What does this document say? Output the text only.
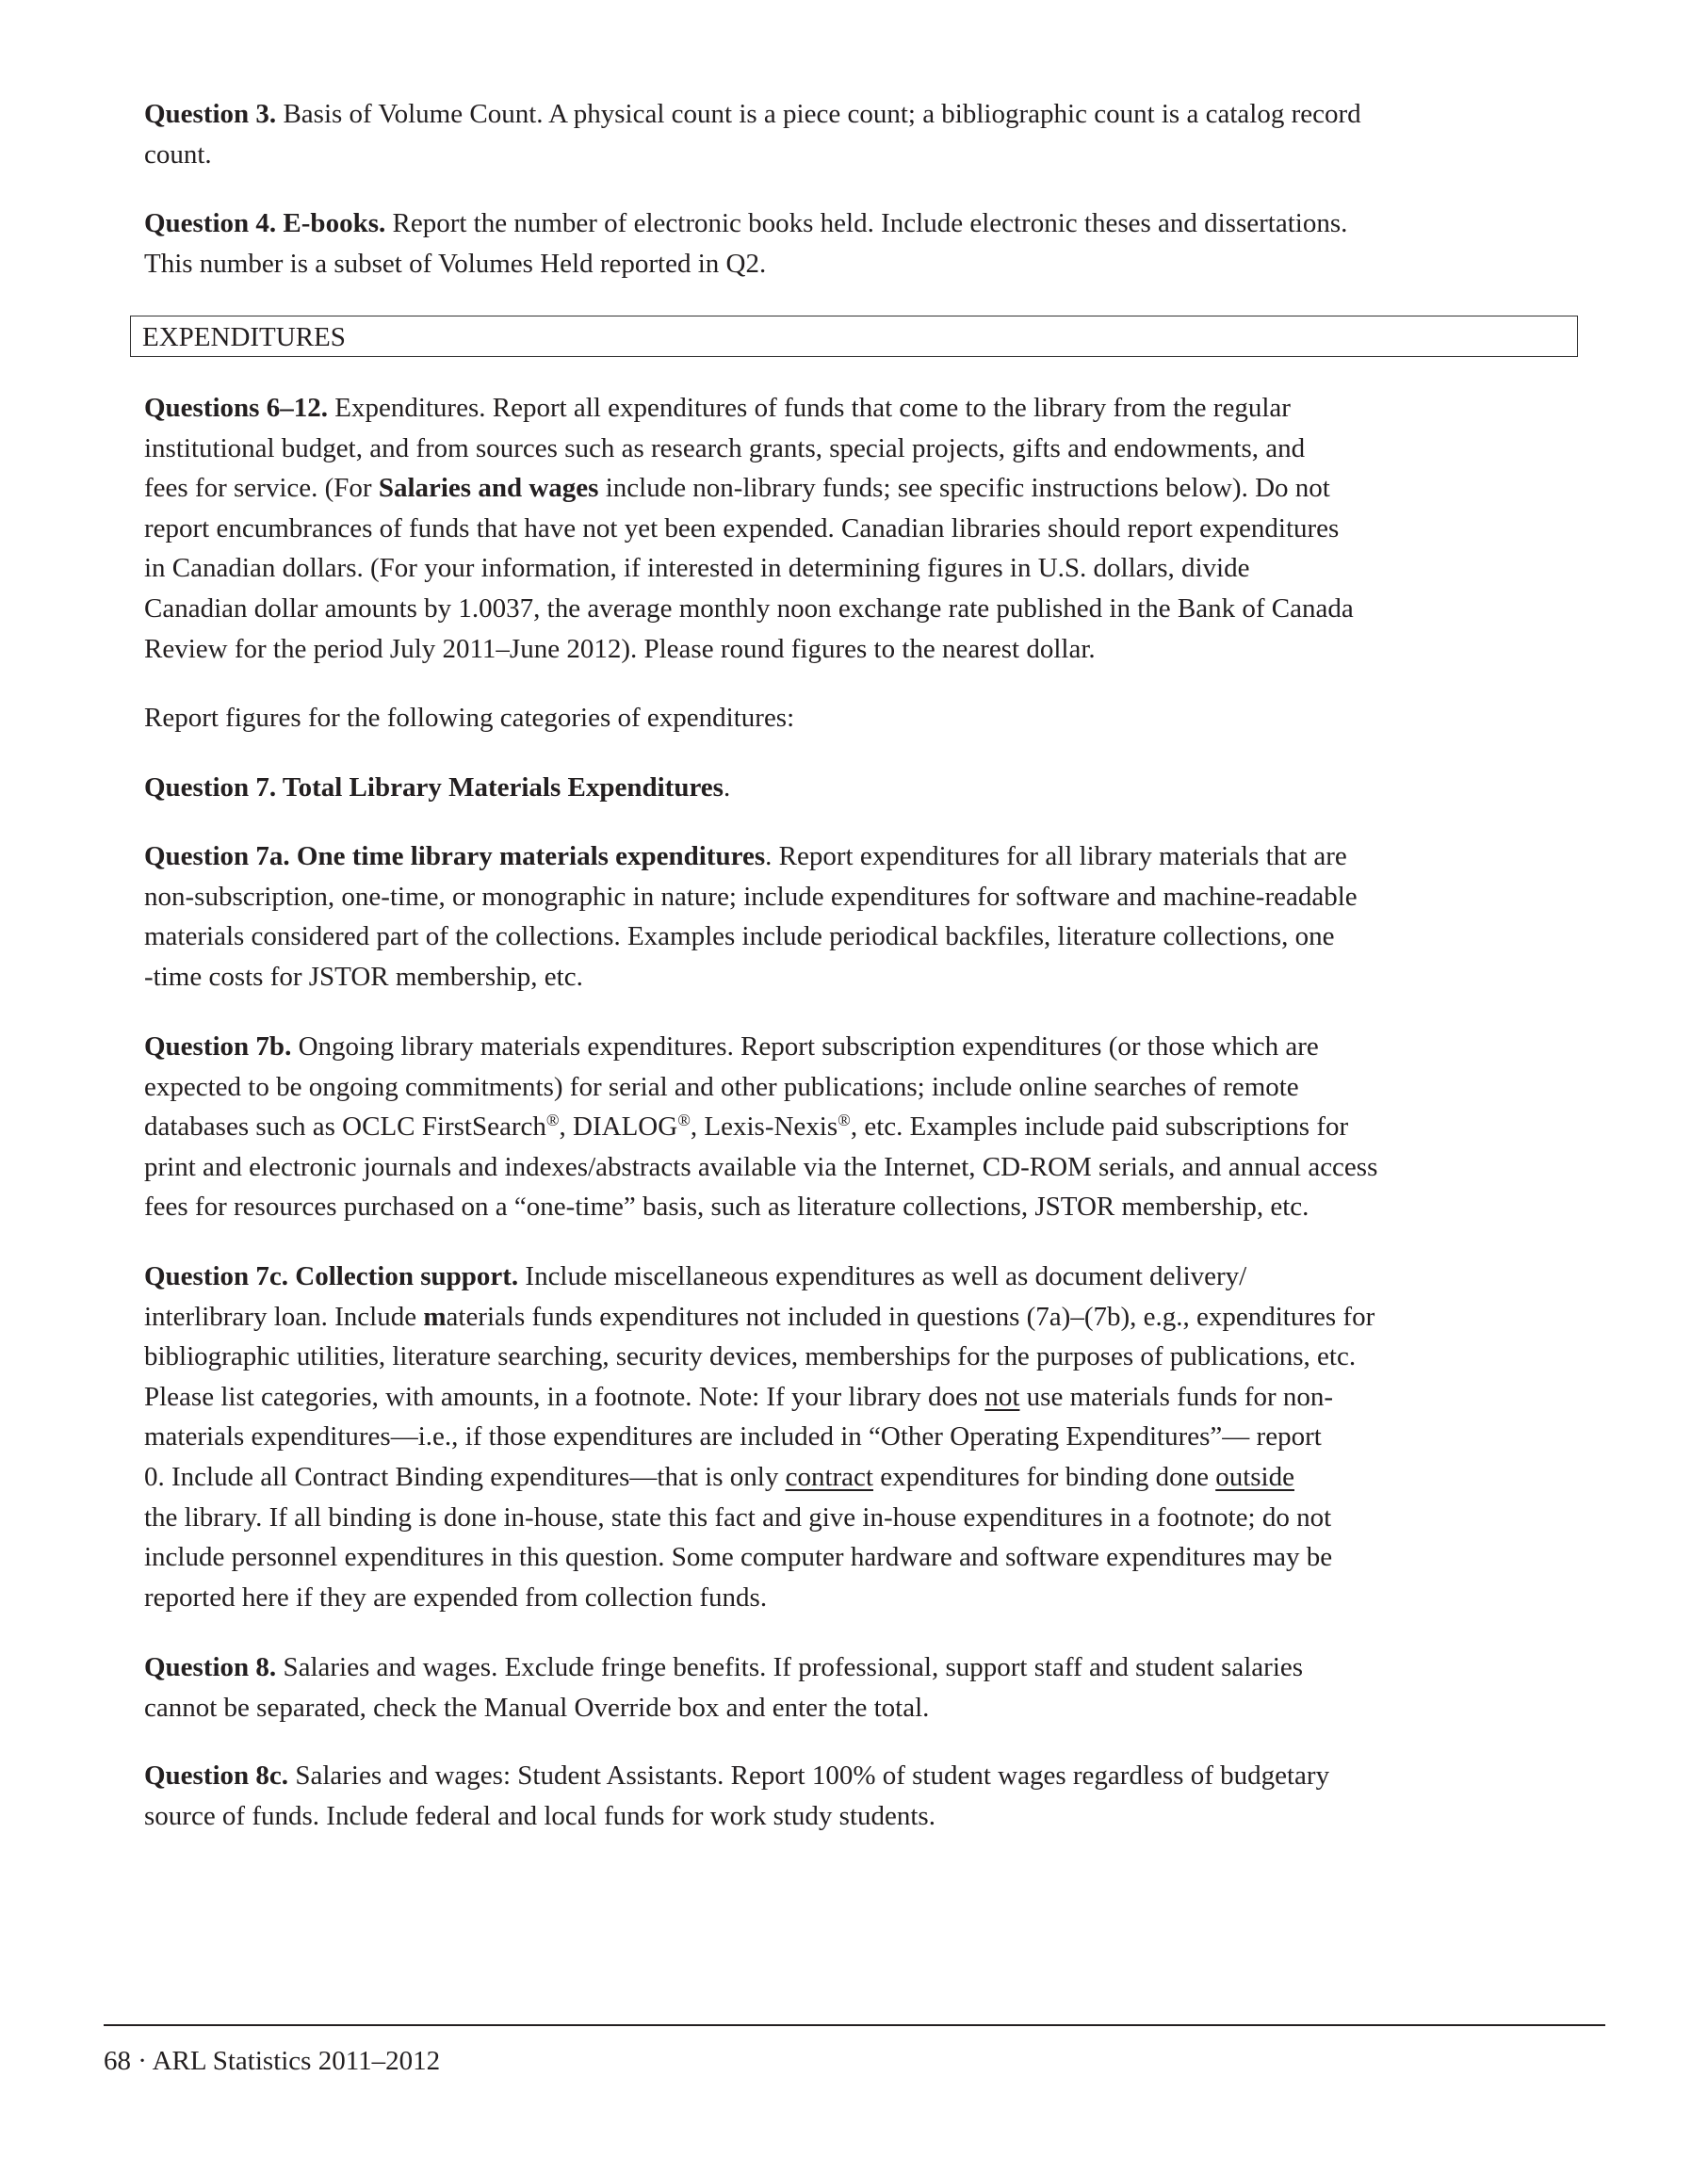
Question 3. Basis of Volume Count. A physical count is a piece count; a bibliographic count is a catalog record
count.
Question 4. E-books. Report the number of electronic books held. Include electronic theses and dissertations.
This number is a subset of Volumes Held reported in Q2.
Questions 6–12. Expenditures. Report all expenditures of funds that come to the library from the regular
institutional budget, and from sources such as research grants, special projects, gifts and endowments, and
fees for service. (For Salaries and wages include non-library funds; see specific instructions below). Do not
report encumbrances of funds that have not yet been expended. Canadian libraries should report expenditures
in Canadian dollars. (For your information, if interested in determining figures in U.S. dollars, divide
Canadian dollar amounts by 1.0037, the average monthly noon exchange rate published in the Bank of Canada
Review for the period July 2011–June 2012). Please round figures to the nearest dollar.
Report figures for the following categories of expenditures:
Question 7. Total Library Materials Expenditures.
Question 7a. One time library materials expenditures. Report expenditures for all library materials that are
non-subscription, one-time, or monographic in nature; include expenditures for software and machine-readable
materials considered part of the collections. Examples include periodical backfiles, literature collections, one
-time costs for JSTOR membership, etc.
Question 7b. Ongoing library materials expenditures. Report subscription expenditures (or those which are
expected to be ongoing commitments) for serial and other publications; include online searches of remote
databases such as OCLC FirstSearch®, DIALOG®, Lexis-Nexis®, etc. Examples include paid subscriptions for
print and electronic journals and indexes/abstracts available via the Internet, CD-ROM serials, and annual access
fees for resources purchased on a “one-time” basis, such as literature collections, JSTOR membership, etc.
Question 7c. Collection support. Include miscellaneous expenditures as well as document delivery/
interlibrary loan. Include materials funds expenditures not included in questions (7a)–(7b), e.g., expenditures for
bibliographic utilities, literature searching, security devices, memberships for the purposes of publications, etc.
Please list categories, with amounts, in a footnote. Note: If your library does not use materials funds for non-
materials expenditures—i.e., if those expenditures are included in “Other Operating Expenditures”— report
0. Include all Contract Binding expenditures—that is only contract expenditures for binding done outside
the library. If all binding is done in-house, state this fact and give in-house expenditures in a footnote; do not
include personnel expenditures in this question. Some computer hardware and software expenditures may be
reported here if they are expended from collection funds.
Question 8. Salaries and wages. Exclude fringe benefits. If professional, support staff and student salaries
cannot be separated, check the Manual Override box and enter the total.
Question 8c. Salaries and wages: Student Assistants. Report 100% of student wages regardless of budgetary
source of funds. Include federal and local funds for work study students.
EXPENDITURES
68 · ARL Statistics 2011–2012
